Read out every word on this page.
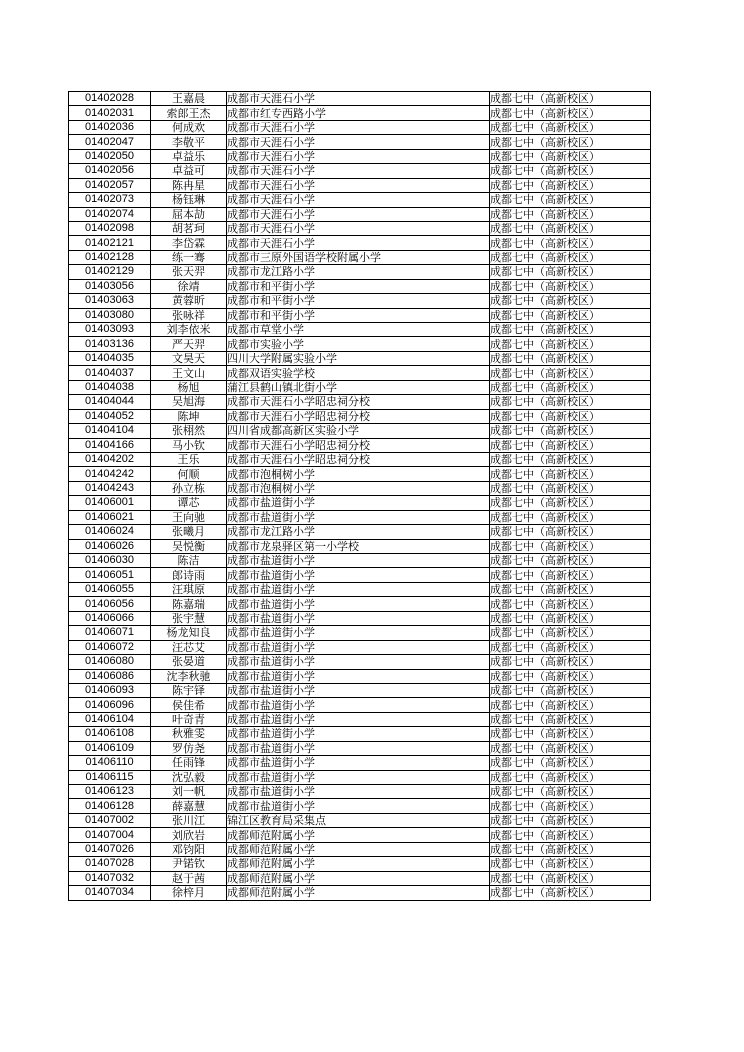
01402028	王嘉晨	成都市天涯石小学	成都七中（高新校区）
01402031	索郎王杰	成都市红专西路小学	成都七中（高新校区）
01402036	何成欢	成都市天涯石小学	成都七中（高新校区）
01402047	李敬平	成都市天涯石小学	成都七中（高新校区）
01402050	卓益乐	成都市天涯石小学	成都七中（高新校区）
01402056	卓益可	成都市天涯石小学	成都七中（高新校区）
01402057	陈冉星	成都市天涯石小学	成都七中（高新校区）
01402073	杨钰琳	成都市天涯石小学	成都七中（高新校区）
01402074	屈本劼	成都市天涯石小学	成都七中（高新校区）
01402098	胡茗珂	成都市天涯石小学	成都七中（高新校区）
01402121	李岱霖	成都市天涯石小学	成都七中（高新校区）
01402128	练一骞	成都市三原外国语学校附属小学	成都七中（高新校区）
01402129	张天羿	成都市龙江路小学	成都七中（高新校区）
01403056	徐靖	成都市和平街小学	成都七中（高新校区）
01403063	黄蓉昕	成都市和平街小学	成都七中（高新校区）
01403080	张咏祥	成都市和平街小学	成都七中（高新校区）
01403093	刘李依米	成都市草堂小学	成都七中（高新校区）
01403136	严天羿	成都市实验小学	成都七中（高新校区）
01404035	文昊天	四川大学附属实验小学	成都七中（高新校区）
01404037	王文山	成都双语实验学校	成都七中（高新校区）
01404038	杨旭	蒲江县鹤山镇北街小学	成都七中（高新校区）
01404044	吴旭海	成都市天涯石小学昭忠祠分校	成都七中（高新校区）
01404052	陈坤	成都市天涯石小学昭忠祠分校	成都七中（高新校区）
01404104	张栩然	四川省成都高新区实验小学	成都七中（高新校区）
01404166	马小钦	成都市天涯石小学昭忠祠分校	成都七中（高新校区）
01404202	王乐	成都市天涯石小学昭忠祠分校	成都七中（高新校区）
01404242	何顺	成都市泡桐树小学	成都七中（高新校区）
01404243	孙立栋	成都市泡桐树小学	成都七中（高新校区）
01406001	谭芯	成都市盐道街小学	成都七中（高新校区）
01406021	王向驰	成都市盐道街小学	成都七中（高新校区）
01406024	张曦月	成都市龙江路小学	成都七中（高新校区）
01406026	吴悦衡	成都市龙泉驿区第一小学校	成都七中（高新校区）
01406030	陈洁	成都市盐道街小学	成都七中（高新校区）
01406051	郎诗雨	成都市盐道街小学	成都七中（高新校区）
01406055	汪琪原	成都市盐道街小学	成都七中（高新校区）
01406056	陈嘉瑞	成都市盐道街小学	成都七中（高新校区）
01406066	张宇慧	成都市盐道街小学	成都七中（高新校区）
01406071	杨龙知良	成都市盐道街小学	成都七中（高新校区）
01406072	汪芯艾	成都市盐道街小学	成都七中（高新校区）
01406080	张晏道	成都市盐道街小学	成都七中（高新校区）
01406086	沈李秋驰	成都市盐道街小学	成都七中（高新校区）
01406093	陈宇铎	成都市盐道街小学	成都七中（高新校区）
01406096	侯佳希	成都市盐道街小学	成都七中（高新校区）
01406104	叶奇青	成都市盐道街小学	成都七中（高新校区）
01406108	秋雅雯	成都市盐道街小学	成都七中（高新校区）
01406109	罗仿尧	成都市盐道街小学	成都七中（高新校区）
01406110	任雨锋	成都市盐道街小学	成都七中（高新校区）
01406115	沈弘毅	成都市盐道街小学	成都七中（高新校区）
01406123	刘一帆	成都市盐道街小学	成都七中（高新校区）
01406128	薛嘉慧	成都市盐道街小学	成都七中（高新校区）
01407002	张川江	锦江区教育局采集点	成都七中（高新校区）
01407004	刘欣岩	成都师范附属小学	成都七中（高新校区）
01407026	邓钧阳	成都师范附属小学	成都七中（高新校区）
01407028	尹锘钦	成都师范附属小学	成都七中（高新校区）
01407032	赵于茜	成都师范附属小学	成都七中（高新校区）
01407034	徐梓月	成都师范附属小学	成都七中（高新校区）
